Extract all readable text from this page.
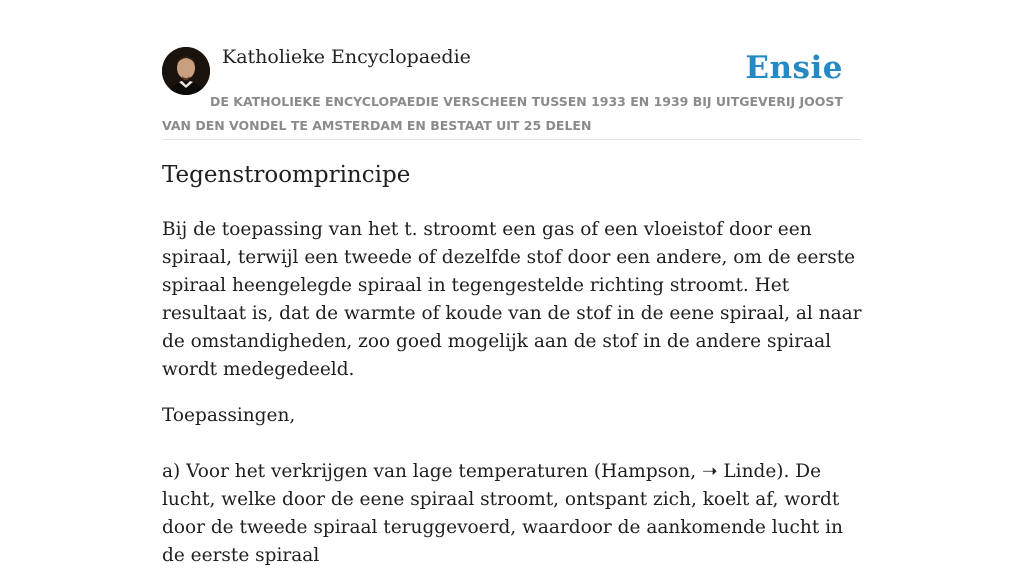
Katholieke Encyclopaedie	Ensie

DE KATHOLIEKE ENCYCLOPAEDIE VERSCHEEN TUSSEN 1933 EN 1939 BIJ UITGEVERIJ JOOST VAN DEN VONDEL TE AMSTERDAM EN BESTAAT UIT 25 DELEN

Tegenstroomprincipe

Bij de toepassing van het t. stroomt een gas of een vloeistof door een spiraal, terwijl een tweede of dezelfde stof door een andere, om de eerste spiraal heengelegde spiraal in tegengestelde richting stroomt. Het resultaat is, dat de warmte of koude van de stof in de eene spiraal, al naar de omstandigheden, zoo goed mogelijk aan de stof in de andere spiraal wordt medegedeeld.

Toepassingen,

a) Voor het verkrijgen van lage temperaturen (Hampson, ➝ Linde). De lucht, welke door de eene spiraal stroomt, ontspant zich, koelt af, wordt door de tweede spiraal teruggevoerd, waardoor de aankomende lucht in de eerste spiraal
